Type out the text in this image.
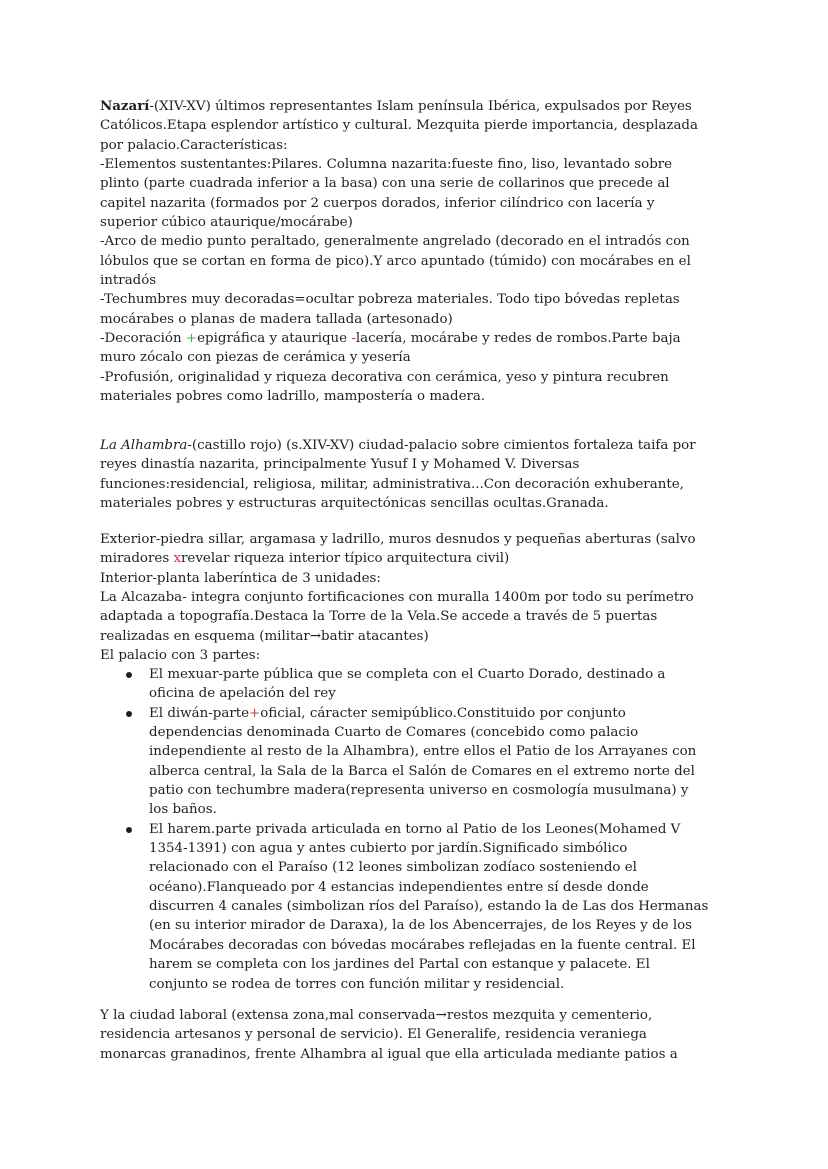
Nazarí-(XIV-XV) últimos representantes Islam península Ibérica, expulsados por Reyes
Católicos.Etapa esplendor artístico y cultural. Mezquita pierde importancia, desplazada
por palacio.Características:
-Elementos sustentantes:Pilares. Columna nazarita:fueste fino, liso, levantado sobre
plinto (parte cuadrada inferior a la basa) con una serie de collarinos que precede al
capitel nazarita (formados por 2 cuerpos dorados, inferior cilíndrico con lacería y
superior cúbico ataurique/mocárabe)
-Arco de medio punto peraltado, generalmente angrelado (decorado en el intradós con
lóbulos que se cortan en forma de pico).Y arco apuntado (túmido) con mocárabes en el
intradós
-Techumbres muy decoradas=ocultar pobreza materiales. Todo tipo bóvedas repletas
mocárabes o planas de madera tallada (artesonado)
-Decoración +epigráfica y ataurique -lacería, mocárabe y redes de rombos.Parte baja
muro zócalo con piezas de cerámica y yesería
-Profusión, originalidad y riqueza decorativa con cerámica, yeso y pintura recubren
materiales pobres como ladrillo, mampostería o madera.
La Alhambra-(castillo rojo) (s.XIV-XV) ciudad-palacio sobre cimientos fortaleza taifa por
reyes dinastía nazarita, principalmente Yusuf I y Mohamed V. Diversas
funciones:residencial, religiosa, militar, administrativa...Con decoración exhuberante,
materiales pobres y estructuras arquitectónicas sencillas ocultas.Granada.
Exterior-piedra sillar, argamasa y ladrillo, muros desnudos y pequeñas aberturas (salvo
miradores xrevelar riqueza interior típico arquitectura civil)
Interior-planta laberíntica de 3 unidades:
La Alcazaba- integra conjunto fortificaciones con muralla 1400m por todo su perímetro
adaptada a topografía.Destaca la Torre de la Vela.Se accede a través de 5 puertas
realizadas en esquema (militar→batir atacantes)
El palacio con 3 partes:
El mexuar-parte pública que se completa con el Cuarto Dorado, destinado a
oficina de apelación del rey
El diwán-parte+oficial, cáracter semipúblico.Constituido por conjunto
dependencias denominada Cuarto de Comares (concebido como palacio
independiente al resto de la Alhambra), entre ellos el Patio de los Arrayanes con
alberca central, la Sala de la Barca el Salón de Comares en el extremo norte del
patio con techumbre madera(representa universo en cosmología musulmana) y
los baños.
El harem.parte privada articulada en torno al Patio de los Leones(Mohamed V
1354-1391) con agua y antes cubierto por jardín.Significado simbólico
relacionado con el Paraíso (12 leones simbolizan zodíaco sosteniendo el
océano).Flanqueado por 4 estancias independientes entre sí desde donde
discurren 4 canales (simbolizan ríos del Paraíso), estando la de Las dos Hermanas
(en su interior mirador de Daraxa), la de los Abencerrajes, de los Reyes y de los
Mocárabes decoradas con bóvedas mocárabes reflejadas en la fuente central. El
harem se completa con los jardines del Partal con estanque y palacete. El
conjunto se rodea de torres con función militar y residencial.
Y la ciudad laboral (extensa zona,mal conservada→restos mezquita y cementerio,
residencia artesanos y personal de servicio). El Generalife, residencia veraniega
monarcas granadinos, frente Alhambra al igual que ella articulada mediante patios a
